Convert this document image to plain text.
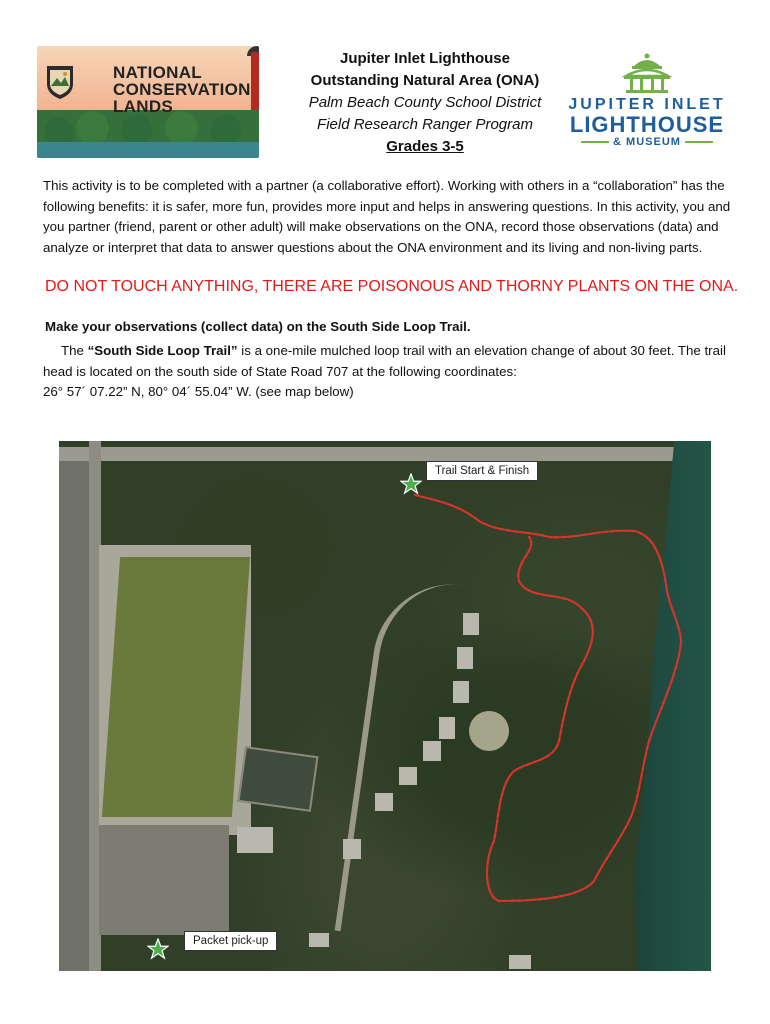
NATIONAL
CONSERVATION
LANDS
Jupiter Inlet Lighthouse
Outstanding Natural Area (ONA)
Palm Beach County School District
Field Research Ranger Program
Grades 3-5
JUPITER INLET
LIGHTHOUSE
& MUSEUM
This activity is to be completed with a partner (a collaborative effort). Working with others in a “collaboration” has the following benefits: it is safer, more fun, provides more input and helps in answering questions. In this activity, you and you partner (friend, parent or other adult) will make observations on the ONA, record those observations (data) and analyze or interpret that data to answer questions about the ONA environment and its living and non-living parts.
DO NOT TOUCH ANYTHING, THERE ARE POISONOUS AND THORNY PLANTS ON THE ONA.
Make your observations (collect data) on the South Side Loop Trail.
The “South Side Loop Trail” is a one-mile mulched loop trail with an elevation change of about 30 feet. The trail head is located on the south side of State Road 707 at the following coordinates:
26° 57´ 07.22” N, 80° 04´ 55.04” W. (see map below)
Trail Start & Finish
Packet pick-up
